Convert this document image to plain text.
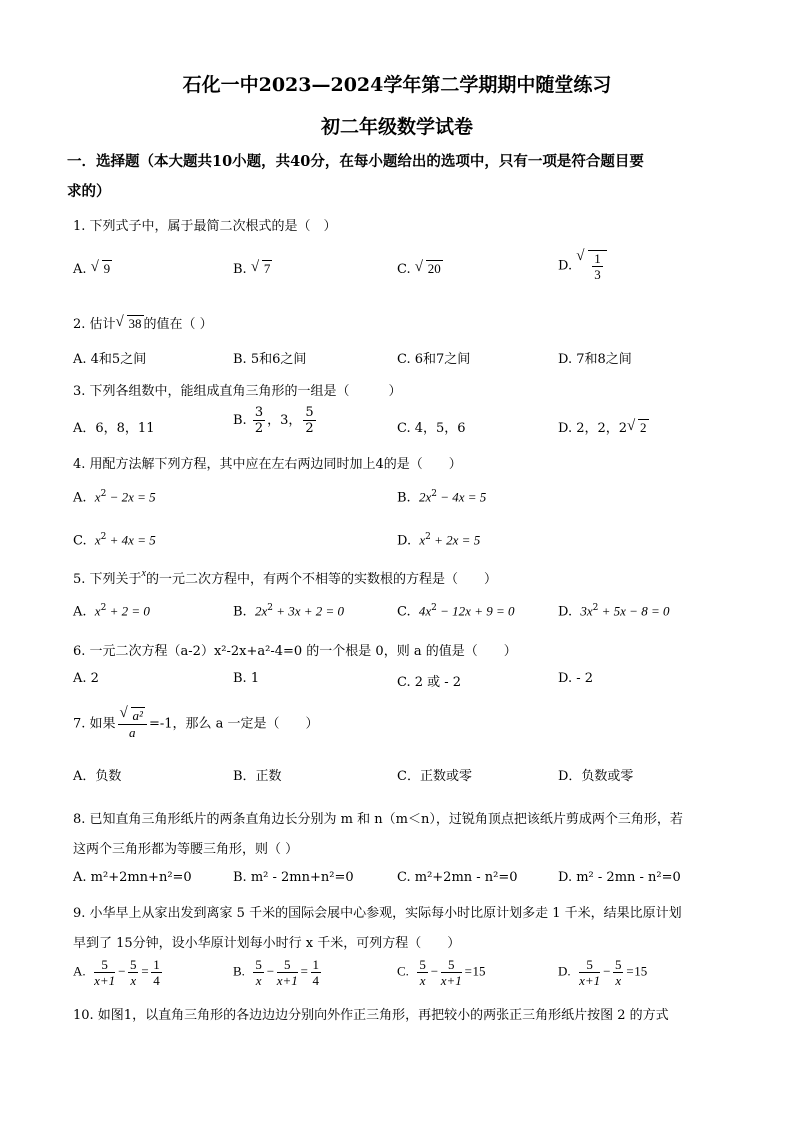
石化一中2023—2024学年第二学期期中随堂练习
初二年级数学试卷
一．选择题（本大题共10小题，共40分，在每小题给出的选项中，只有一项是符合题目要
求的）
1. 下列式子中，属于最简二次根式的是（　）
A. √ 9	B. √ 7	C. √ 20	D. √ $\frac{1}{3}$
2. 估计 √ 38 的值在（ ）
A. 4和5之间	B. 5和6之间	C. 6和7之间	D. 7和8之间
3. 下列各组数中，能组成直角三角形的一组是（　　　）
A．6，8，11
B. $\frac{3}{2}$ ，3， $\frac{5}{2}$	C. 4，5，6	D. 2，2，2 √ 2
4. 用配方法解下列方程，其中应在左右两边同时加上4的是（　　）
A. $x^2 - 2x = 5$	B. $2x^2 - 4x = 5$
C. $x^2 + 4x = 5$	D. $x^2 + 2x = 5$
5. 下列关于$^x$的一元二次方程中，有两个不相等的实数根的方程是（　　）
A. $x^2 + 2 = 0$	B. $2x^2 + 3x + 2 = 0$	C. $4x^2 - 12x + 9 = 0$	D. $3x^2 + 5x - 8 = 0$
6. 一元二次方程（a-2）x²-2x+a²-4=0 的一个根是 0，则 a 的值是（　　）
A. 2	B. 1	C. 2 或 - 2	D. - 2
7. 如果 √ $\frac{\text{a²}}{a} =-1$，那么 a 一定是（　　）
A．负数	B．正数	C．正数或零	D．负数或零
8. 已知直角三角形纸片的两条直角边长分别为 m 和 n（m＜n），过锐角顶点把该纸片剪成两个三角形，若
这两个三角形都为等腰三角形，则（ ）
A. m²+2mn+n²=0	B. m² - 2mn+n²=0	C. m²+2mn - n²=0	D. m² - 2mn - n²=0
9. 小华早上从家出发到离家 5 千米的国际会展中心参观，实际每小时比原计划多走 1 千米，结果比原计划
早到了 15分钟，设小华原计划每小时行 x 千米，可列方程（　　）
A. $\frac{5}{x+1} - \frac{5}{x} = \frac{1}{4}$	B. $\frac{5}{x} - \frac{5}{x+1} = \frac{1}{4}$	C. $\frac{5}{x} - \frac{5}{x+1} =15$	D. $\frac{5}{x+1} - \frac{5}{x} =15$
10. 如图1，以直角三角形的各边边边分别向外作正三角形，再把较小的两张正三角形纸片按图 2 的方式
